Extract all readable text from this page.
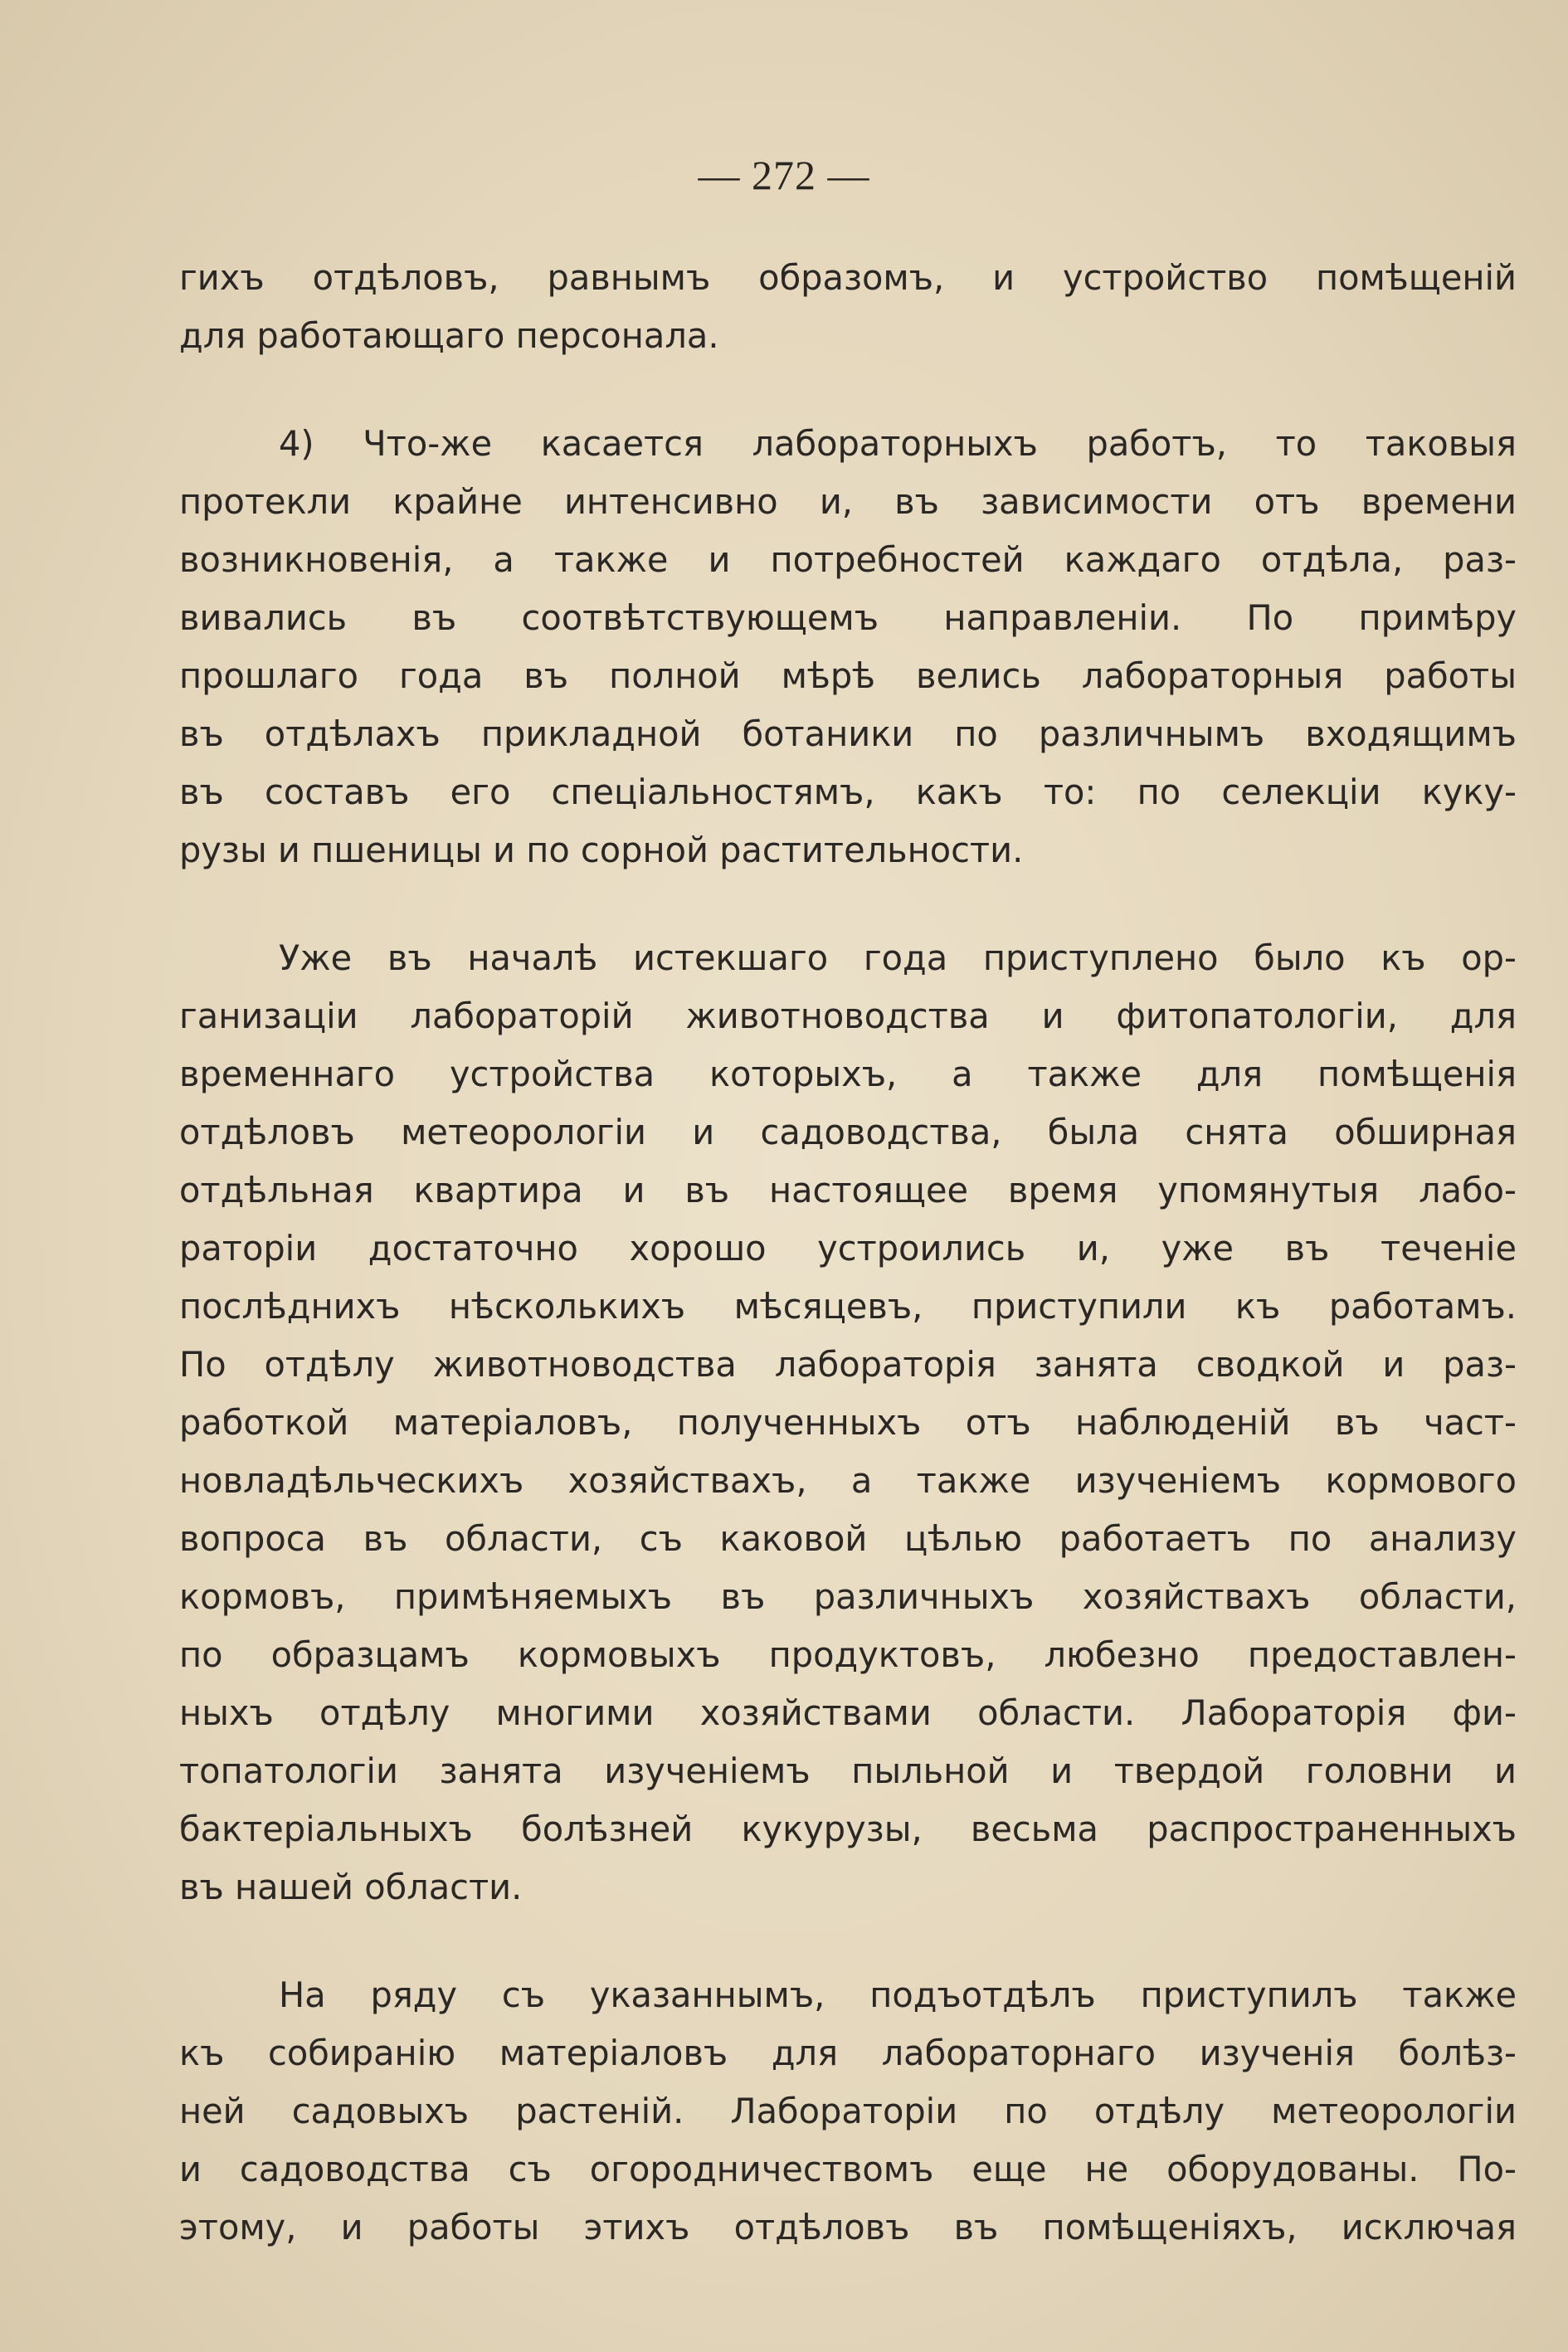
— 272 —

гихъ отдѣловъ, равнымъ образомъ, и устройство помѣщеній
для работающаго персонала.

4) Что-же касается лабораторныхъ работъ, то таковыя
протекли крайне интенсивно и, въ зависимости отъ времени
возникновенія, а также и потребностей каждаго отдѣла, раз-
вивались въ соотвѣтствующемъ направленіи. По примѣру
прошлаго года въ полной мѣрѣ велись лабораторныя работы
въ отдѣлахъ прикладной ботаники по различнымъ входящимъ
въ составъ его спеціальностямъ, какъ то: по селекціи куку-
рузы и пшеницы и по сорной растительности.

Уже въ началѣ истекшаго года приступлено было къ ор-
ганизаціи лабораторій животноводства и фитопатологіи, для
временнаго устройства которыхъ, а также для помѣщенія
отдѣловъ метеорологіи и садоводства, была снята обширная
отдѣльная квартира и въ настоящее время упомянутыя лабо-
раторіи достаточно хорошо устроились и, уже въ теченіе
послѣднихъ нѣсколькихъ мѣсяцевъ, приступили къ работамъ.
По отдѣлу животноводства лабораторія занята сводкой и раз-
работкой матеріаловъ, полученныхъ отъ наблюденій въ част-
новладѣльческихъ хозяйствахъ, а также изученіемъ кормового
вопроса въ области, съ каковой цѣлью работаетъ по анализу
кормовъ, примѣняемыхъ въ различныхъ хозяйствахъ области,
по образцамъ кормовыхъ продуктовъ, любезно предоставлен-
ныхъ отдѣлу многими хозяйствами области. Лабораторія фи-
топатологіи занята изученіемъ пыльной и твердой головни и
бактеріальныхъ болѣзней кукурузы, весьма распространенныхъ
въ нашей области.

На ряду съ указаннымъ, подъотдѣлъ приступилъ также
къ собиранію матеріаловъ для лабораторнаго изученія болѣз-
ней садовыхъ растеній. Лабораторіи по отдѣлу метеорологіи
и садоводства съ огородничествомъ еще не оборудованы. По-
этому, и работы этихъ отдѣловъ въ помѣщеніяхъ, исключая
